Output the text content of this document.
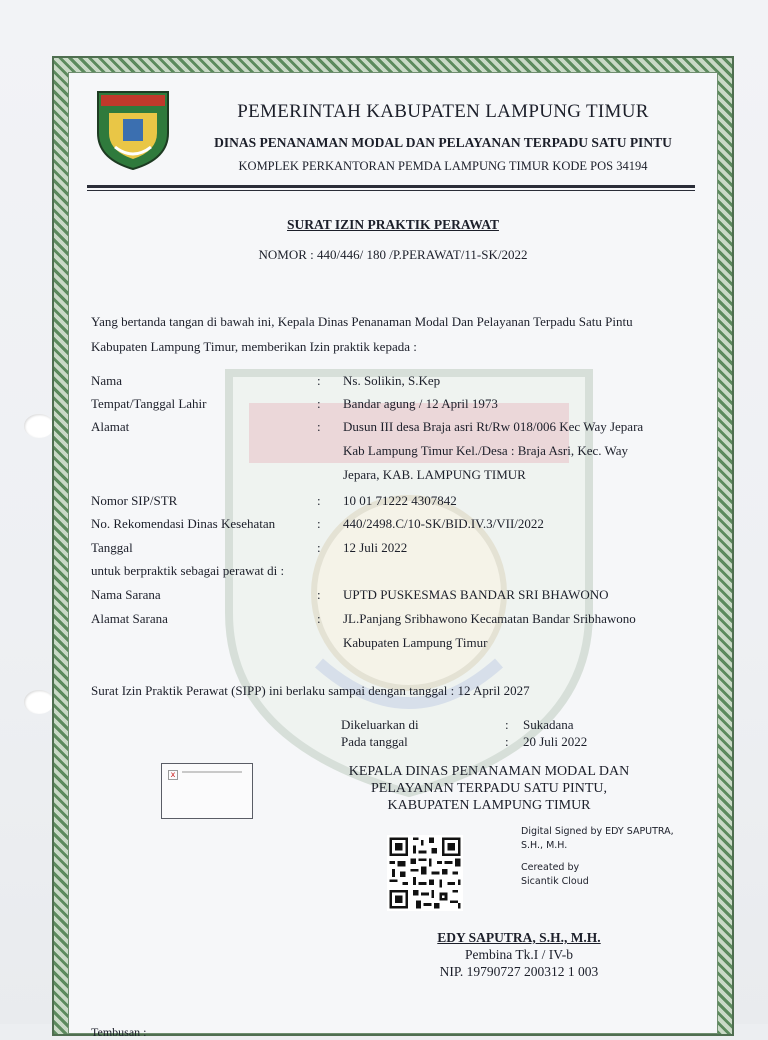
PEMERINTAH KABUPATEN LAMPUNG TIMUR
DINAS PENANAMAN MODAL DAN PELAYANAN TERPADU SATU PINTU
KOMPLEK PERKANTORAN PEMDA LAMPUNG TIMUR KODE POS 34194
SURAT IZIN PRAKTIK PERAWAT
NOMOR : 440/446/ 180 /P.PERAWAT/11-SK/2022
Yang bertanda tangan di bawah ini, Kepala Dinas Penanaman Modal Dan Pelayanan Terpadu Satu Pintu Kabupaten Lampung Timur, memberikan Izin praktik kepada :
Nama	:	Ns. Solikin, S.Kep
Tempat/Tanggal Lahir	:	Bandar agung / 12 April 1973
Alamat	:	Dusun III desa Braja asri Rt/Rw 018/006 Kec Way Jepara
Kab Lampung Timur Kel./Desa : Braja Asri, Kec. Way
Jepara, KAB. LAMPUNG TIMUR
Nomor SIP/STR	:	10 01 71222 4307842
No. Rekomendasi Dinas Kesehatan	:	440/2498.C/10-SK/BID.IV.3/VII/2022
Tanggal	:	12 Juli 2022
untuk berpraktik sebagai perawat di :
Nama Sarana	:	UPTD PUSKESMAS BANDAR SRI BHAWONO
Alamat Sarana	:	JL.Panjang Sribhawono Kecamatan Bandar Sribhawono
Kabupaten Lampung Timur
Surat Izin Praktik Perawat (SIPP) ini berlaku sampai dengan tanggal : 12 April 2027
Dikeluarkan di	: Sukadana
Pada tanggal	: 20 Juli 2022
x	KEPALA DINAS PENANAMAN MODAL DAN
PELAYANAN TERPADU SATU PINTU,
KABUPATEN LAMPUNG TIMUR
Digital Signed by EDY SAPUTRA,
S.H., M.H.
Cereated by
Sicantik Cloud
EDY SAPUTRA, S.H., M.H.
Pembina Tk.I / IV-b
NIP. 19790727 200312 1 003
Tembusan :
